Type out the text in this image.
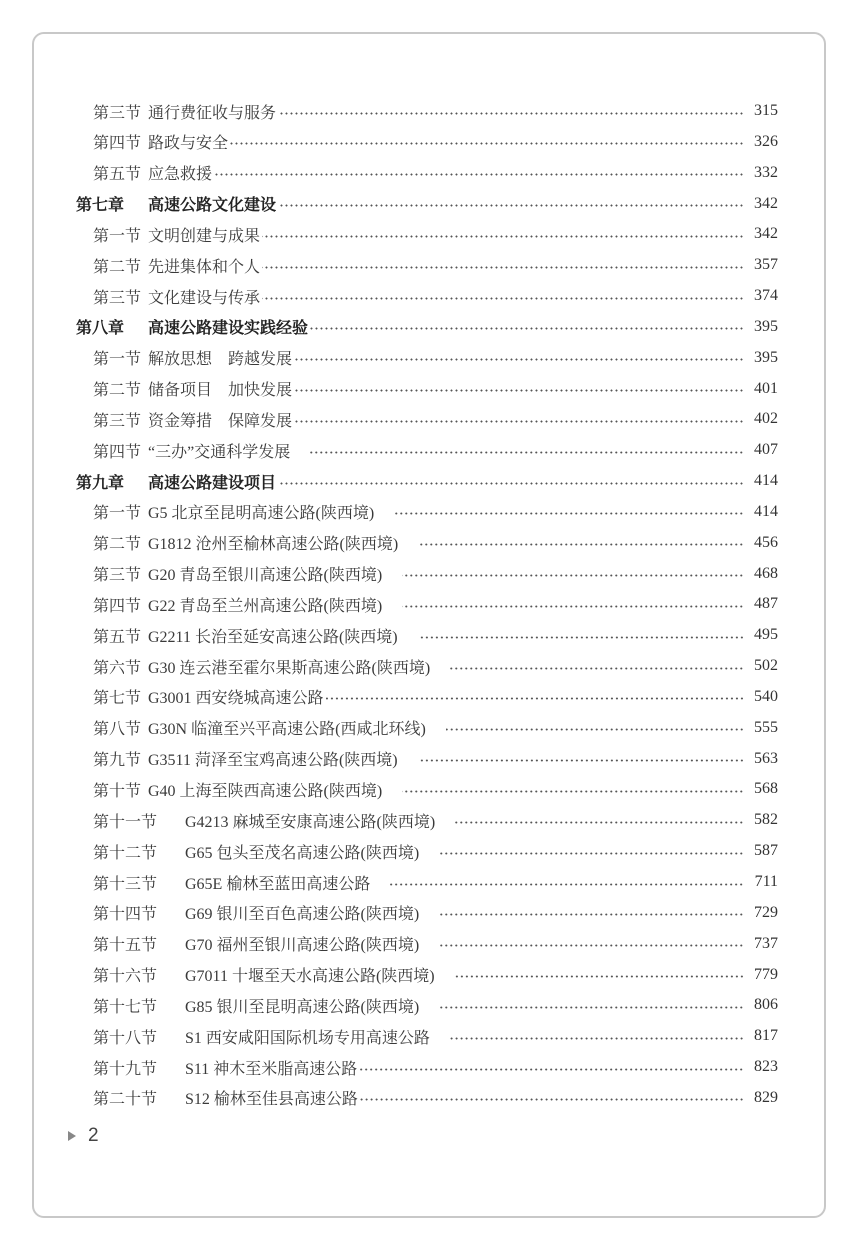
第三节 通行费征收与服务	315
第四节 路政与安全	326
第五节 应急救援	332
第七章	高速公路文化建设	342
第一节 文明创建与成果	342
第二节 先进集体和个人	357
第三节 文化建设与传承	374
第八章	高速公路建设实践经验	395
第一节 解放思想　跨越发展	395
第二节 储备项目　加快发展	401
第三节 资金筹措　保障发展	402
第四节 “三办”交通科学发展	407
第九章	高速公路建设项目	414
第一节 G5 北京至昆明高速公路(陕西境)	414
第二节 G1812 沧州至榆林高速公路(陕西境)	456
第三节 G20 青岛至银川高速公路(陕西境)	468
第四节 G22 青岛至兰州高速公路(陕西境)	487
第五节 G2211 长治至延安高速公路(陕西境)	495
第六节 G30 连云港至霍尔果斯高速公路(陕西境)	502
第七节 G3001 西安绕城高速公路	540
第八节 G30N 临潼至兴平高速公路(西咸北环线)	555
第九节 G3511 菏泽至宝鸡高速公路(陕西境)	563
第十节 G40 上海至陕西高速公路(陕西境)	568
第十一节	G4213 麻城至安康高速公路(陕西境)	582
第十二节	G65 包头至茂名高速公路(陕西境)	587
第十三节	G65E 榆林至蓝田高速公路	711
第十四节	G69 银川至百色高速公路(陕西境)	729
第十五节	G70 福州至银川高速公路(陕西境)	737
第十六节	G7011 十堰至天水高速公路(陕西境)	779
第十七节	G85 银川至昆明高速公路(陕西境)	806
第十八节	S1 西安咸阳国际机场专用高速公路	817
第十九节	S11 神木至米脂高速公路	823
第二十节	S12 榆林至佳县高速公路	829
2
